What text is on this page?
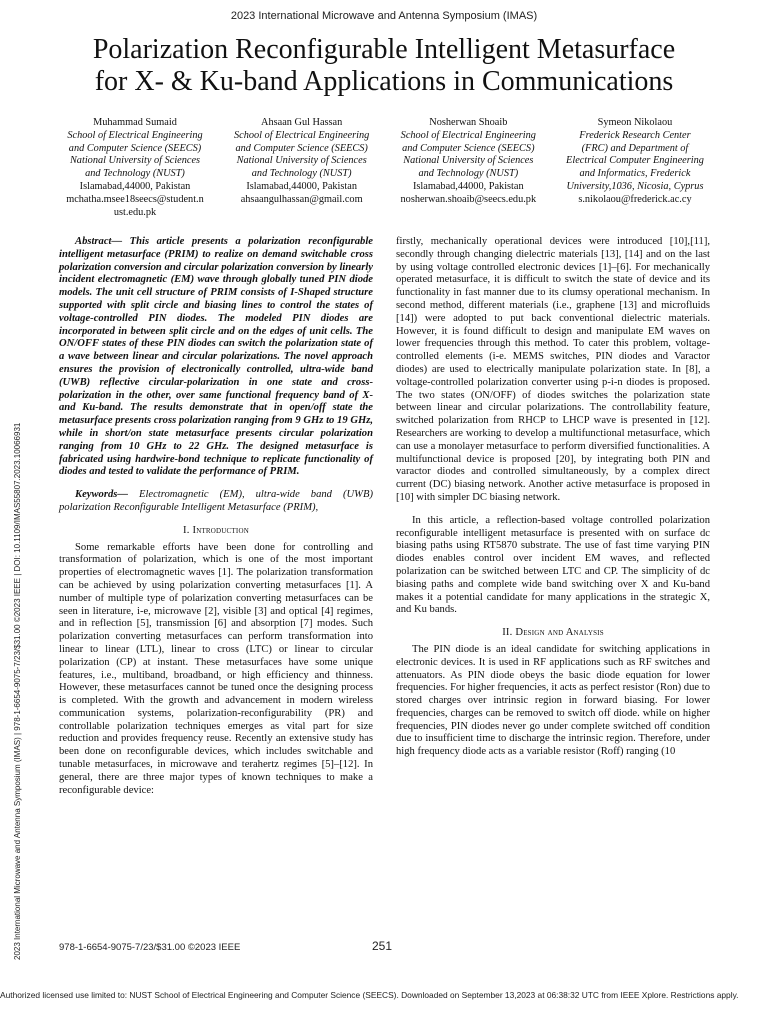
2023 International Microwave and Antenna Symposium (IMAS)
Polarization Reconfigurable Intelligent Metasurface
for X- & Ku-band Applications in Communications
Muhammad Sumaid
School of Electrical Engineering
and Computer Science (SEECS)
National University of Sciences
and Technology (NUST)
Islamabad,44000, Pakistan
mchatha.msee18seecs@student.n
ust.edu.pk
Ahsaan Gul Hassan
School of Electrical Engineering
and Computer Science (SEECS)
National University of Sciences
and Technology (NUST)
Islamabad,44000, Pakistan
ahsaangulhassan@gmail.com
Nosherwan Shoaib
School of Electrical Engineering
and Computer Science (SEECS)
National University of Sciences
and Technology (NUST)
Islamabad,44000, Pakistan
nosherwan.shoaib@seecs.edu.pk
Symeon Nikolaou
Frederick Research Center
(FRC) and Department of
Electrical Computer Engineering
and Informatics, Frederick
University,1036, Nicosia, Cyprus
s.nikolaou@frederick.ac.cy

Abstract— This article presents a polarization reconfigurable intelligent metasurface (PRIM) to realize on demand switchable cross polarization conversion and circular polarization conversion by linearly incident electromagnetic (EM) wave through globally tuned PIN diode models. The unit cell structure of PRIM consists of I-Shaped structure supported with split circle and biasing lines to control the states of voltage-controlled PIN diodes. The modeled PIN diodes are incorporated in between split circle and on the edges of unit cells. The ON/OFF states of these PIN diodes can switch the polarization state of a wave between linear and circular polarizations. The novel approach ensures the provision of electronically controlled, ultra-wide band (UWB) reflective circular-polarization in one state and cross-polarization in the other, over same functional frequency band of X- and Ku-band. The results demonstrate that in open/off state the metasurface presents cross polarization ranging from 9 GHz to 19 GHz, while in short/on state metasurface presents circular polarization ranging from 10 GHz to 22 GHz. The designed metasurface is fabricated using hardwire-bond technique to replicate functionality of diodes and tested to validate the performance of PRIM.

Keywords— Electromagnetic (EM), ultra-wide band (UWB) polarization Reconfigurable Intelligent Metasurface (PRIM),

I. Introduction

Some remarkable efforts have been done for controlling and transformation of polarization, which is one of the most important properties of electromagnetic waves [1]. The polarization transformation can be achieved by using polarization converting metasurfaces [1]. A number of multiple type of polarization converting metasurfaces can be seen in literature, i-e, microwave [2], visible [3] and optical [4] regimes, and in reflection [5], transmission [6] and absorption [7] modes. Such polarization converting metasurfaces can perform transformation into linear to linear (LTL), linear to cross (LTC) or linear to circular polarization (CP) at instant. These metasurfaces have some unique features, i.e., multiband, broadband, or high efficiency and thinness. However, these metasurfaces cannot be tuned once the designing process is completed. With the growth and advancement in modern wireless communication systems, polarization-reconfigurability (PR) and controllable polarization techniques emerges as vital part for size reduction and provides frequency reuse. Recently an extensive study has been done on reconfigurable devices, which includes switchable and tunable metasurfaces, in microwave and terahertz regimes [5]–[12]. In general, there are three major types of known techniques to make a reconfigurable device:

firstly, mechanically operational devices were introduced [10],[11], secondly through changing dielectric materials [13], [14] and on the last by using voltage controlled electronic devices [1]–[6]. For mechanically operated metasurface, it is difficult to switch the state of device and its functionality in fast manner due to its clumsy operational mechanism. In second method, different materials (i.e., graphene [13] and microfluids [14]) were adopted to put back conventional dielectric materials. However, it is found difficult to design and manipulate EM waves on lower frequencies through this method. To cater this problem, voltage-controlled elements (i-e. MEMS switches, PIN diodes and Varactor diodes) are used to electrically manipulate polarization state. In [8], a voltage-controlled polarization converter using p-i-n diodes is proposed. The two states (ON/OFF) of diodes switches the polarization state between linear and circular polarizations. The controllability feature, switched polarization from RHCP to LHCP wave is presented in [12]. Researchers are working to develop a multifunctional metasurface, which can use a monolayer metasurface to perform diversified functionalities. A multifunctional device is proposed [20], by integrating both PIN and varactor diodes and controlled simultaneously, by a complex direct current (DC) biasing network. Another active metasurface is proposed in [10] with simpler DC biasing network.

In this article, a reflection-based voltage controlled polarization reconfigurable intelligent metasurface is presented with on surface dc biasing paths using RT5870 substrate. The use of fast time varying PIN diodes enables control over incident EM waves, and reflected polarization can be switched between LTC and CP. The simplicity of dc biasing paths and complete wide band switching over X and Ku-band makes it a potential candidate for many applications in the strategic X, and Ku bands.

II. Design and Analysis

The PIN diode is an ideal candidate for switching applications in electronic devices. It is used in RF applications such as RF switches and attenuators. As PIN diode obeys the basic diode equation for lower frequencies. For higher frequencies, it acts as perfect resistor (Ron) due to stored charges over intrinsic region in forward biasing. For lower frequencies, charges can be removed to switch off diode. while on higher frequencies, PIN diodes never go under complete switched off condition due to insufficient time to discharge the intrinsic region. Therefore, under high frequency diode acts as a variable resistor (Roff) ranging (10

2023 International Microwave and Antenna Symposium (IMAS) | 978-1-6654-9075-7/23/$31.00 ©2023 IEEE | DOI: 10.1109/IMAS55807.2023.10066931	978-1-6654-9075-7/23/$31.00 ©2023 IEEE	251
Authorized licensed use limited to: NUST School of Electrical Engineering and Computer Science (SEECS). Downloaded on September 13,2023 at 06:38:32 UTC from IEEE Xplore. Restrictions apply.
